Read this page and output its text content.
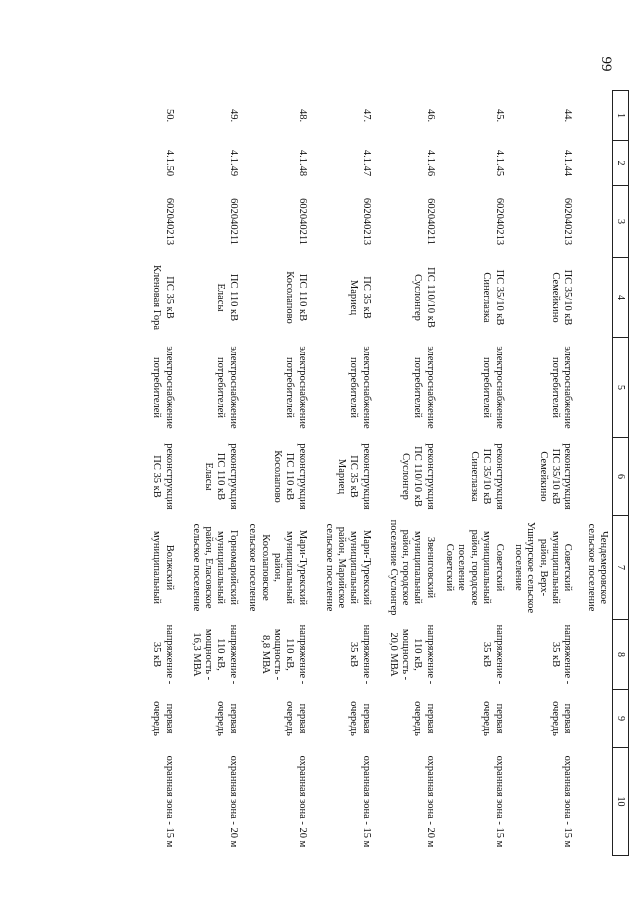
99
1	2	3	4	5	6	7	8	9	10
						Чендемеровское сельское поселение			
44.	4.1.44	602040213	ПС 35/10 кВ Семейкино	электроснабжение потребителей	реконструкция ПС 35/10 кВ Семейкино	Советский муниципальный район, Верх-Ушнурское сельское поселение	напряжение - 35 кВ	первая очередь	охранная зона - 15 м
45.	4.1.45	602040213	ПС 35/10 кВ Синеглазка	электроснабжение потребителей	реконструкция ПС 35/10 кВ Синеглазка	Советский муниципальный район, городское поселение Советский	напряжение - 35 кВ	первая очередь	охранная зона - 15 м
46.	4.1.46	602040211	ПС 110/10 кВ Суслонгер	электроснабжение потребителей	реконструкция ПС 110/10 кВ Суслонгер	Звениговский муниципальный район, городское поселение Суслонгер	напряжение - 110 кВ, мощность - 20,0 МВА	первая очередь	охранная зона - 20 м
47.	4.1.47	602040213	ПС 35 кВ Мариец	электроснабжение потребителей	реконструкция ПС 35 кВ Мариец	Мари-Турекский муниципальный район, Марийское сельское поселение	напряжение - 35 кВ	первая очередь	охранная зона - 15 м
48.	4.1.48	602040211	ПС 110 кВ Косолапово	электроснабжение потребителей	реконструкция ПС 110 кВ Косолапово	Мари-Турекский муниципальный район, Косолаповское сельское поселение	напряжение - 110 кВ, мощность - 8,8 МВА	первая очередь	охранная зона - 20 м
49.	4.1.49	602040211	ПС 110 кВ Еласы	электроснабжение потребителей	реконструкция ПС 110 кВ Еласы	Горномарийский муниципальный район, Еласовское сельское поселение	напряжение - 110 кВ, мощность - 16,3 МВА	первая очередь	охранная зона - 20 м
50.	4.1.50	602040213	ПС 35 кВ Кленовая Гора	электроснабжение потребителей	реконструкция ПС 35 кВ	Волжский муниципальный	напряжение - 35 кВ	первая очередь	охранная зона - 15 м
